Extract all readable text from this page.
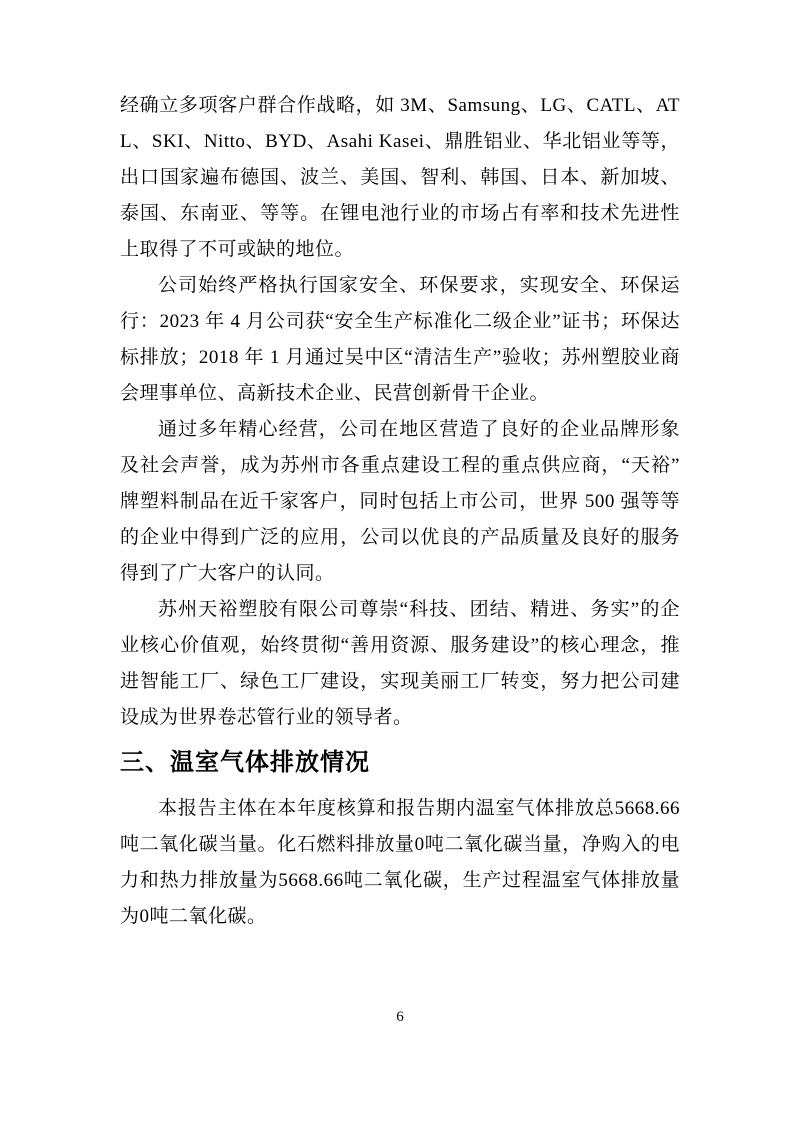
经确立多项客户群合作战略，如 3M、Samsung、LG、CATL、ATL、SKI、Nitto、BYD、Asahi Kasei、鼎胜铝业、华北铝业等等，出口国家遍布德国、波兰、美国、智利、韩国、日本、新加坡、泰国、东南亚、等等。在锂电池行业的市场占有率和技术先进性上取得了不可或缺的地位。

公司始终严格执行国家安全、环保要求，实现安全、环保运行：2023 年 4 月公司获“安全生产标准化二级企业”证书；环保达标排放；2018 年 1 月通过吴中区“清洁生产”验收；苏州塑胶业商会理事单位、高新技术企业、民营创新骨干企业。

通过多年精心经营，公司在地区营造了良好的企业品牌形象及社会声誉，成为苏州市各重点建设工程的重点供应商，“天裕”牌塑料制品在近千家客户，同时包括上市公司，世界 500 强等等的企业中得到广泛的应用，公司以优良的产品质量及良好的服务得到了广大客户的认同。

苏州天裕塑胶有限公司尊崇“科技、团结、精进、务实”的企业核心价值观，始终贯彻“善用资源、服务建设”的核心理念，推进智能工厂、绿色工厂建设，实现美丽工厂转变，努力把公司建设成为世界卷芯管行业的领导者。

三、温室气体排放情况

本报告主体在本年度核算和报告期内温室气体排放总5668.66吨二氧化碳当量。化石燃料排放量0吨二氧化碳当量，净购入的电力和热力排放量为5668.66吨二氧化碳，生产过程温室气体排放量为0吨二氧化碳。

6
